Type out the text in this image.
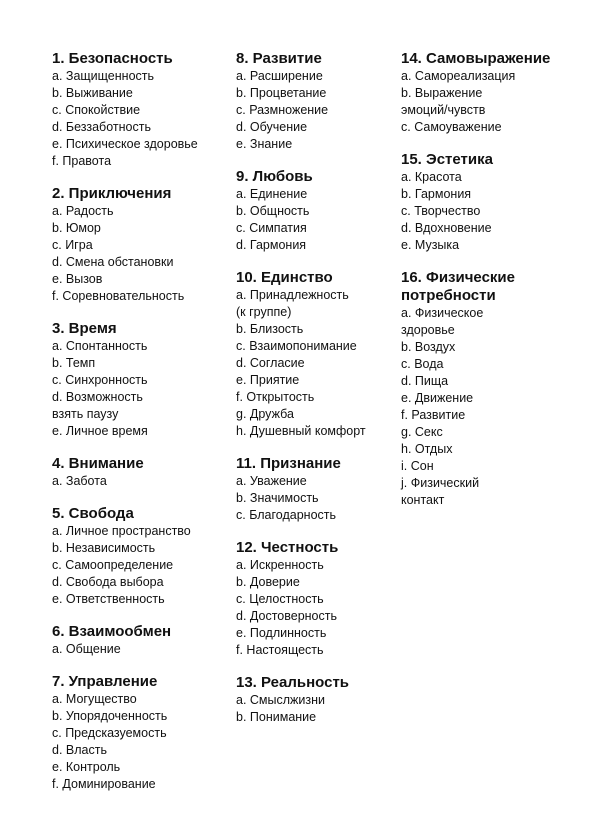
1. Безопасность
a. Защищенность
b. Выживание
c. Спокойствие
d. Беззаботность
e. Психическое здоровье
f. Правота
2. Приключения
a. Радость
b. Юмор
c. Игра
d. Смена обстановки
e. Вызов
f. Соревновательность
3. Время
a. Спонтанность
b. Темп
c. Синхронность
d. Возможность
взять паузу
e. Личное время
4. Внимание
a. Забота
5. Свобода
a. Личное пространство
b. Независимость
c. Самоопределение
d. Свобода выбора
e. Ответственность
6. Взаимообмен
a. Общение
7. Управление
a. Могущество
b. Упорядоченность
c. Предсказуемость
d. Власть
e. Контроль
f. Доминирование
8. Развитие
a. Расширение
b. Процветание
c. Размножение
d. Обучение
e. Знание
9. Любовь
a. Единение
b. Общность
c. Симпатия
d. Гармония
10. Единство
a. Принадлежность
(к группе)
b. Близость
c. Взаимопонимание
d. Согласие
e. Приятие
f. Открытость
g. Дружба
h. Душевный комфорт
11. Признание
a. Уважение
b. Значимость
c. Благодарность
12. Честность
a. Искренность
b. Доверие
c. Целостность
d. Достоверность
e. Подлинность
f. Настоящесть
13. Реальность
a. Смыслжизни
b. Понимание
14. Самовыражение
a. Самореализация
b. Выражение
эмоций/чувств
c. Самоуважение
15. Эстетика
a. Красота
b. Гармония
c. Творчество
d. Вдохновение
e. Музыка
16. Физические потребности
a. Физическое
здоровье
b. Воздух
c. Вода
d. Пища
e. Движение
f. Развитие
g. Секс
h. Отдых
i. Сон
j. Физический
контакт
